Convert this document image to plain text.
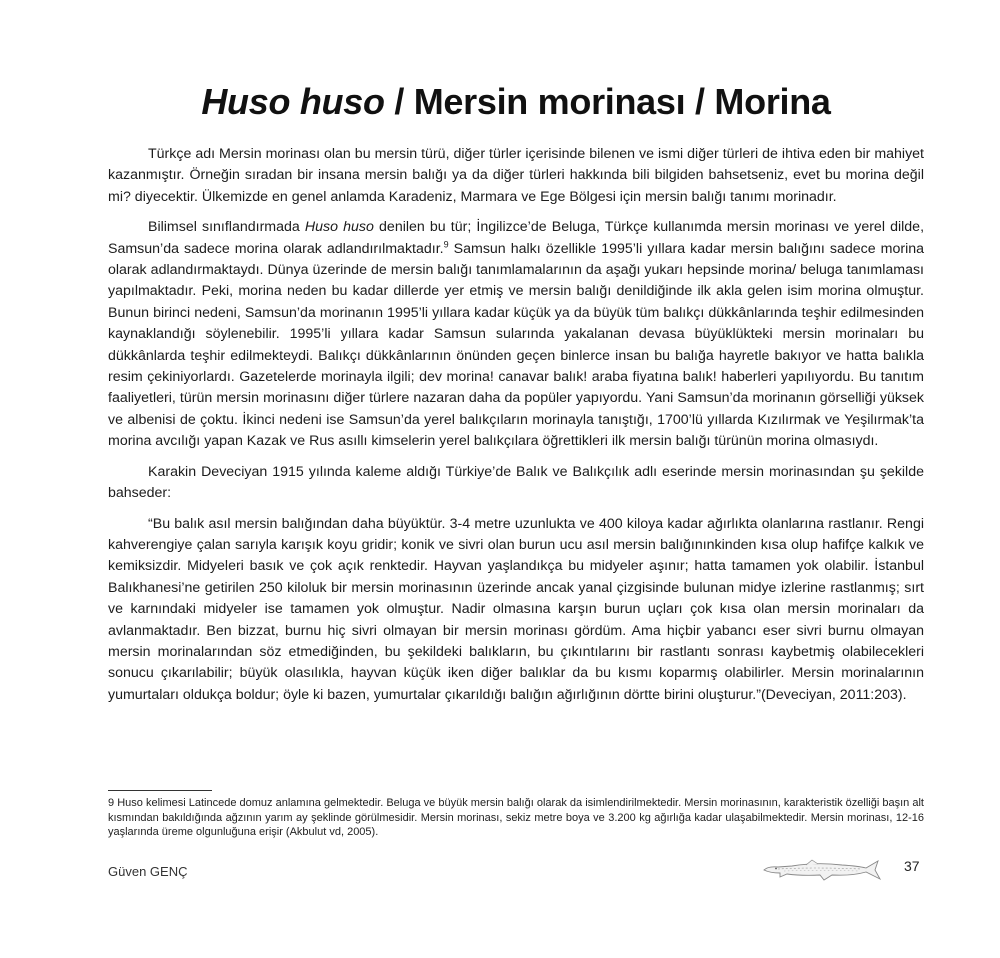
Huso huso / Mersin morinası / Morina

Türkçe adı Mersin morinası olan bu mersin türü, diğer türler içerisinde bilenen ve ismi diğer türleri de ihtiva eden bir mahiyet kazanmıştır. Örneğin sıradan bir insana mersin balığı ya da diğer türleri hakkında bili bilgiden bahsetseniz, evet bu morina değil mi? diyecektir. Ülkemizde en genel anlamda Karadeniz, Marmara ve Ege Bölgesi için mersin balığı tanımı morinadır.

Bilimsel sınıflandırmada Huso huso denilen bu tür; İngilizce’de Beluga, Türkçe kullanımda mersin morinası ve yerel dilde, Samsun’da sadece morina olarak adlandırılmaktadır.$^9$ Samsun halkı özellikle 1995’li yıllara kadar mersin balığını sadece morina olarak adlandırmaktaydı. Dünya üzerinde de mersin balığı tanımlamalarının da aşağı yukarı hepsinde morina/ beluga tanımlaması yapılmaktadır. Peki, morina neden bu kadar dillerde yer etmiş ve mersin balığı denildiğinde ilk akla gelen isim morina olmuştur. Bunun birinci nedeni, Samsun’da morinanın 1995’li yıllara kadar küçük ya da büyük tüm balıkçı dükkânlarında teşhir edilmesinden kaynaklandığı söylenebilir. 1995’li yıllara kadar Samsun sularında yakalanan devasa büyüklükteki mersin morinaları bu dükkânlarda teşhir edilmekteydi. Balıkçı dükkânlarının önünden geçen binlerce insan bu balığa hayretle bakıyor ve hatta balıkla resim çekiniyorlardı. Gazetelerde morinayla ilgili; dev morina! canavar balık! araba fiyatına balık! haberleri yapılıyordu. Bu tanıtım faaliyetleri, türün mersin morinasını diğer türlere nazaran daha da popüler yapıyordu. Yani Samsun’da morinanın görselliği yüksek ve albenisi de çoktu. İkinci nedeni ise Samsun’da yerel balıkçıların morinayla tanıştığı, 1700’lü yıllarda Kızılırmak ve Yeşilırmak’ta morina avcılığı yapan Kazak ve Rus asıllı kimselerin yerel balıkçılara öğrettikleri ilk mersin balığı türünün morina olmasıydı.

Karakin Deveciyan 1915 yılında kaleme aldığı Türkiye’de Balık ve Balıkçılık adlı eserinde mersin morinasından şu şekilde bahseder:

“Bu balık asıl mersin balığından daha büyüktür. 3-4 metre uzunlukta ve 400 kiloya kadar ağırlıkta olanlarına rastlanır. Rengi kahverengiye çalan sarıyla karışık koyu gridir; konik ve sivri olan burun ucu asıl mersin balığınınkinden kısa olup hafifçe kalkık ve kemiksizdir. Midyeleri basık ve çok açık renktedir. Hayvan yaşlandıkça bu midyeler aşınır; hatta tamamen yok olabilir. İstanbul Balıkhanesi’ne getirilen 250 kiloluk bir mersin morinasının üzerinde ancak yanal çizgisinde bulunan midye izlerine rastlanmış; sırt ve karnındaki midyeler ise tamamen yok olmuştur. Nadir olmasına karşın burun uçları çok kısa olan mersin morinaları da avlanmaktadır. Ben bizzat, burnu hiç sivri olmayan bir mersin morinası gördüm. Ama hiçbir yabancı eser sivri burnu olmayan mersin morinalarından söz etmediğinden, bu şekildeki balıkların, bu çıkıntılarını bir rastlantı sonrası kaybetmiş olabilecekleri sonucu çıkarılabilir; büyük olasılıkla, hayvan küçük iken diğer balıklar da bu kısmı koparmış olabilirler. Mersin morinalarının yumurtaları oldukça boldur; öyle ki bazen, yumurtalar çıkarıldığı balığın ağırlığının dörtte birini oluşturur.”(Deveciyan, 2011:203).

9 Huso kelimesi Latincede domuz anlamına gelmektedir. Beluga ve büyük mersin balığı olarak da isimlendirilmektedir. Mersin morinasının, karakteristik özelliği başın alt kısmından bakıldığında ağzının yarım ay şeklinde görülmesidir. Mersin morinası, sekiz metre boya ve 3.200 kg ağırlığa kadar ulaşabilmektedir. Mersin morinası, 12-16 yaşlarında üreme olgunluğuna erişir (Akbulut vd, 2005).

Güven GENÇ	37
